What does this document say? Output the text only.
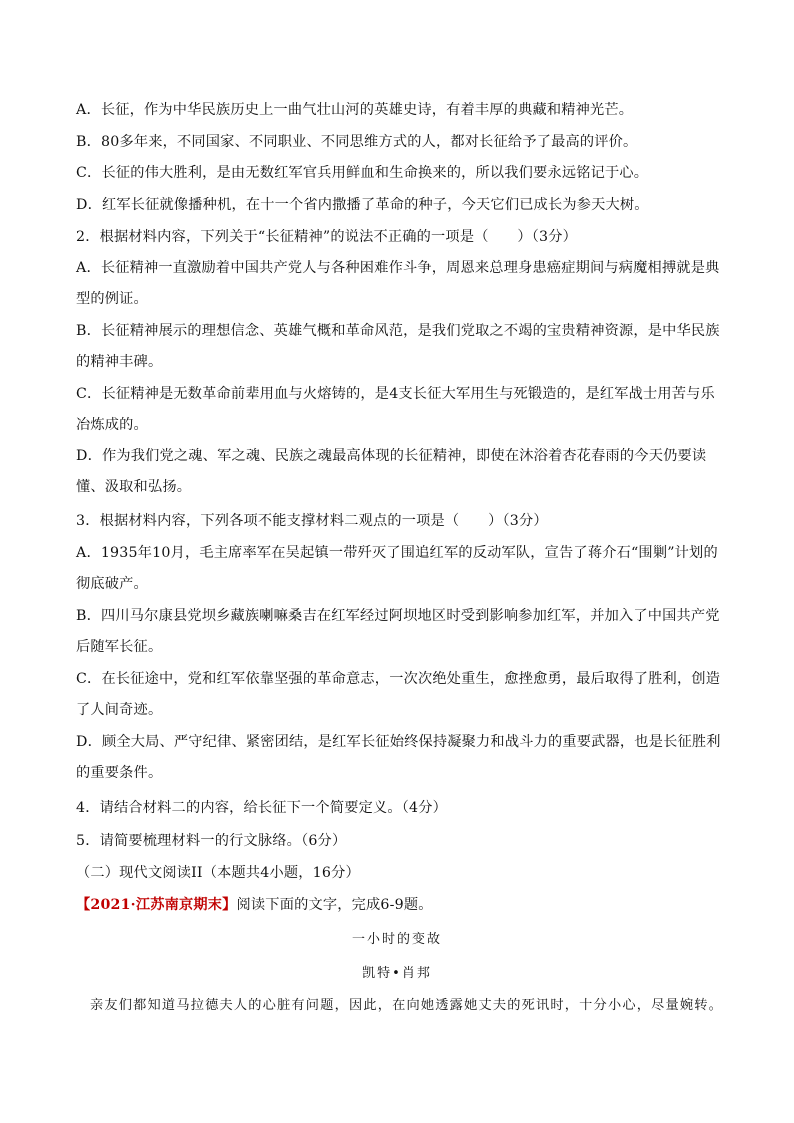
A．长征，作为中华民族历史上一曲气壮山河的英雄史诗，有着丰厚的典藏和精神光芒。

B．80多年来，不同国家、不同职业、不同思维方式的人，都对长征给予了最高的评价。

C．长征的伟大胜利，是由无数红军官兵用鲜血和生命换来的，所以我们要永远铭记于心。

D．红军长征就像播种机，在十一个省内撒播了革命的种子，今天它们已成长为参天大树。

2．根据材料内容，下列关于“长征精神”的说法不正确的一项是（　　）（3分）

A．长征精神一直激励着中国共产党人与各种困难作斗争，周恩来总理身患癌症期间与病魔相搏就是典型的例证。

B．长征精神展示的理想信念、英雄气概和革命风范，是我们党取之不竭的宝贵精神资源，是中华民族的精神丰碑。

C．长征精神是无数革命前辈用血与火熔铸的，是4支长征大军用生与死锻造的，是红军战士用苦与乐冶炼成的。

D．作为我们党之魂、军之魂、民族之魂最高体现的长征精神，即使在沐浴着杏花春雨的今天仍要读懂、汲取和弘扬。

3．根据材料内容，下列各项不能支撑材料二观点的一项是（　　）（3分）

A．1935年10月，毛主席率军在吴起镇一带歼灭了围追红军的反动军队，宣告了蒋介石“围剿”计划的彻底破产。

B．四川马尔康县党坝乡藏族喇嘛桑吉在红军经过阿坝地区时受到影响参加红军，并加入了中国共产党后随军长征。

C．在长征途中，党和红军依靠坚强的革命意志，一次次绝处重生，愈挫愈勇，最后取得了胜利，创造了人间奇迹。

D．顾全大局、严守纪律、紧密团结，是红军长征始终保持凝聚力和战斗力的重要武器，也是长征胜利的重要条件。

4．请结合材料二的内容，给长征下一个简要定义。（4分）

5．请简要梳理材料一的行文脉络。（6分）

（二）现代文阅读II（本题共4小题，16分）

【2021·江苏南京期末】阅读下面的文字，完成6-9题。

一小时的变故
凯特•肖邦
亲友们都知道马拉德夫人的心脏有问题，因此，在向她透露她丈夫的死讯时，十分小心，尽量婉转。
